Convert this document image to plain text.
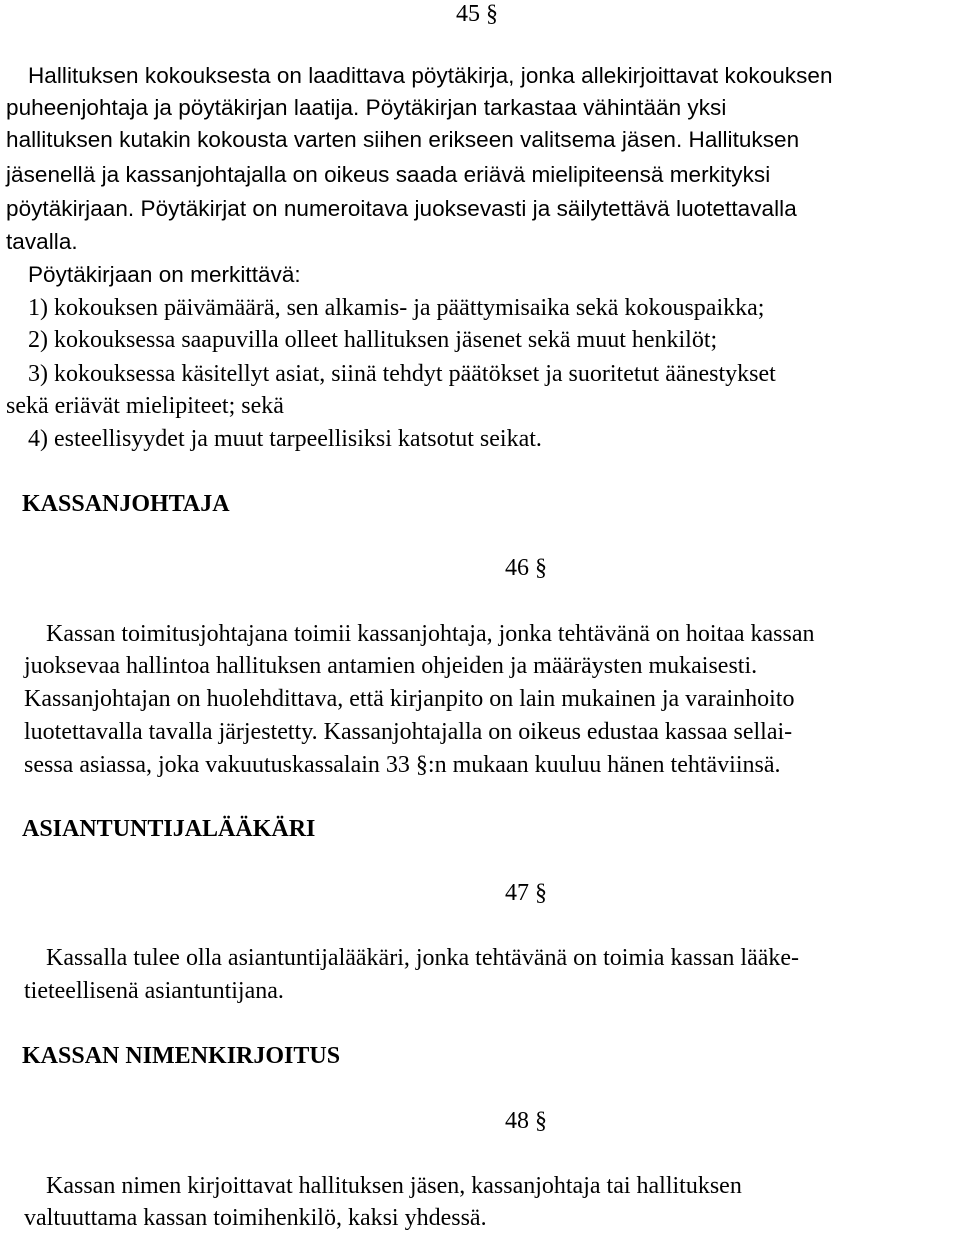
45 §
Hallituksen kokouksesta on laadittava pöytäkirja, jonka allekirjoittavat kokouksen
puheenjohtaja ja pöytäkirjan laatija. Pöytäkirjan tarkastaa vähintään yksi
hallituksen kutakin kokousta varten siihen erikseen valitsema jäsen. Hallituksen
jäsenellä ja kassanjohtajalla on oikeus saada eriävä mielipiteensä merkityksi
pöytäkirjaan. Pöytäkirjat on numeroitava juoksevasti ja säilytettävä luotettavalla
tavalla.
Pöytäkirjaan on merkittävä:
1) kokouksen päivämäärä, sen alkamis- ja päättymisaika sekä kokouspaikka;
2) kokouksessa saapuvilla olleet hallituksen jäsenet sekä muut henkilöt;
3) kokouksessa käsitellyt asiat, siinä tehdyt päätökset ja suoritetut äänestykset
sekä eriävät mielipiteet; sekä
4) esteellisyydet ja muut tarpeellisiksi katsotut seikat.
KASSANJOHTAJA
46 §
Kassan toimitusjohtajana toimii kassanjohtaja, jonka tehtävänä on hoitaa kassan
juoksevaa hallintoa hallituksen antamien ohjeiden ja määräysten mukaisesti.
Kassanjohtajan on huolehdittava, että kirjanpito on lain mukainen ja varainhoito
luotettavalla tavalla järjestetty. Kassanjohtajalla on oikeus edustaa kassaa sellai-
sessa asiassa, joka vakuutuskassalain 33 §:n mukaan kuuluu hänen tehtäviinsä.
ASIANTUNTIJALÄÄKÄRI
47 §
Kassalla tulee olla asiantuntijalääkäri, jonka tehtävänä on toimia kassan lääke-
tieteellisenä asiantuntijana.
KASSAN NIMENKIRJOITUS
48 §
Kassan nimen kirjoittavat hallituksen jäsen, kassanjohtaja tai hallituksen
valtuuttama kassan toimihenkilö, kaksi yhdessä.
